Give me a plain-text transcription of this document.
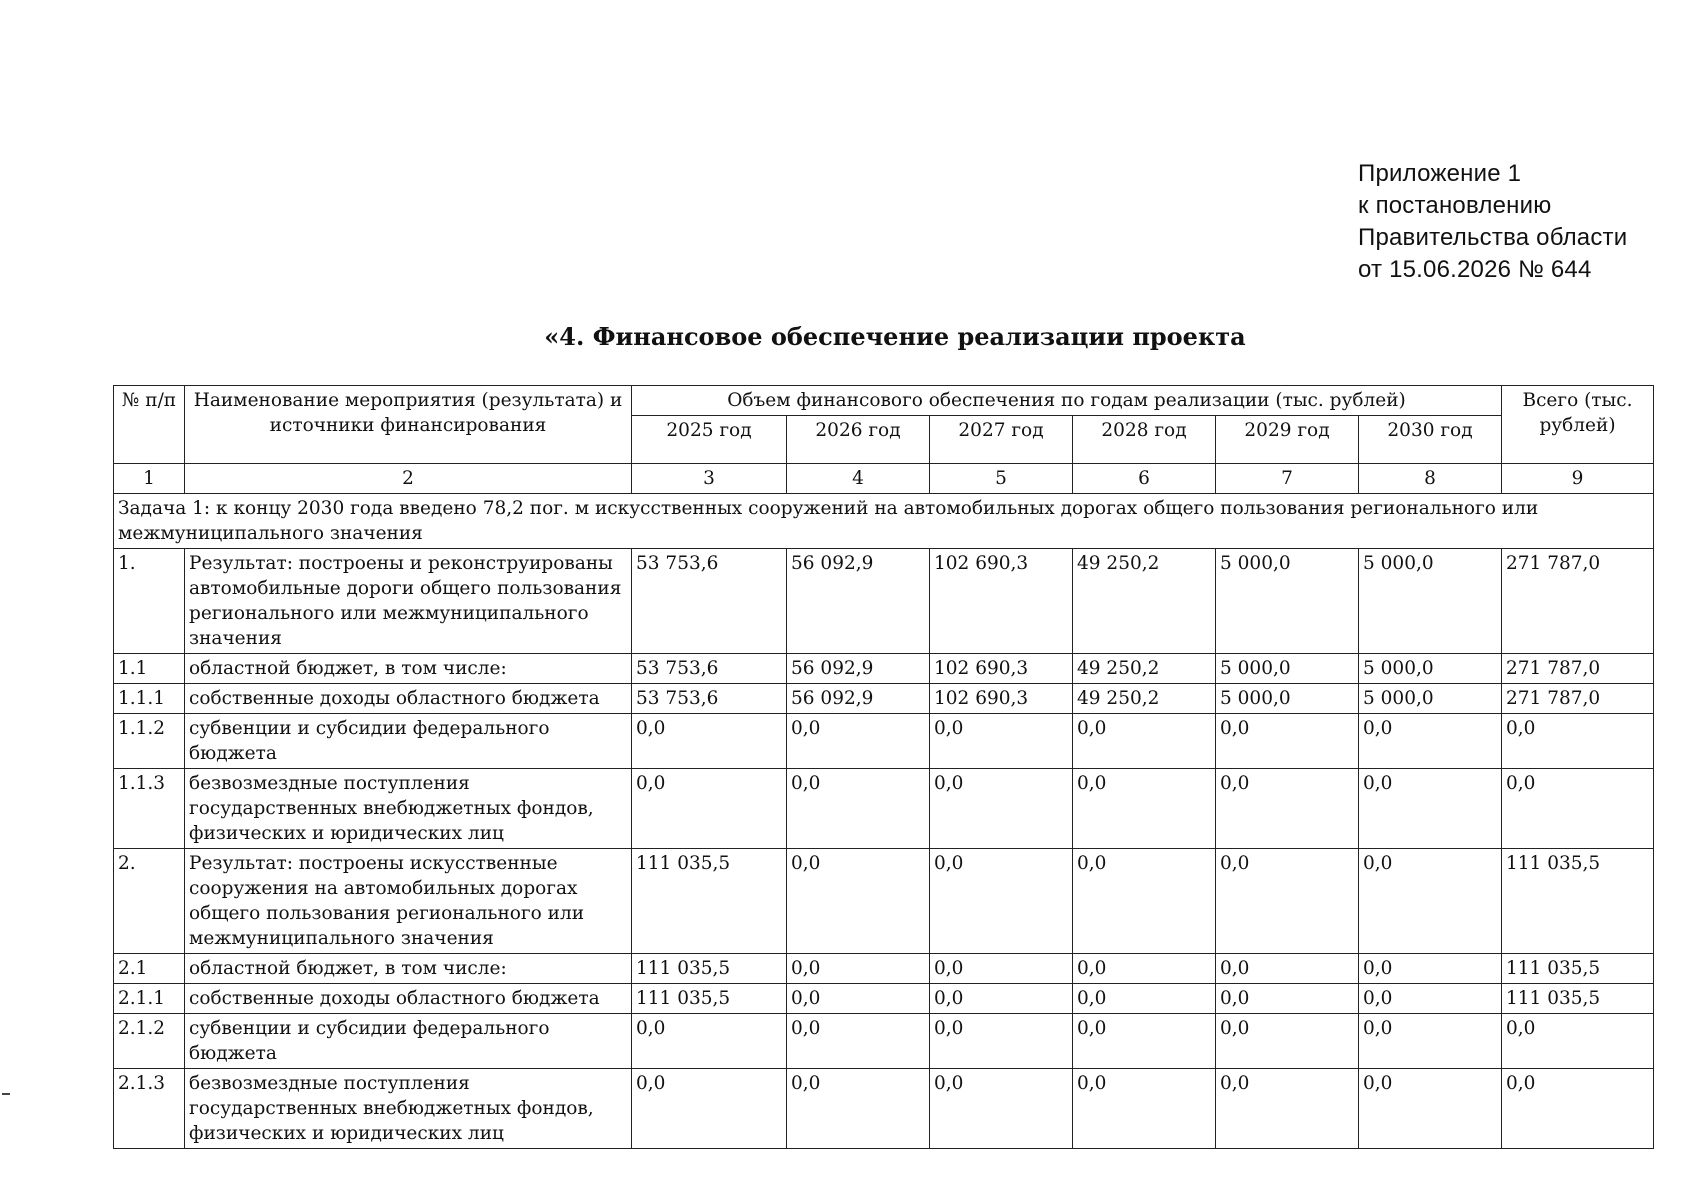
Приложение 1
к постановлению
Правительства области
от 15.06.2026 № 644
«4. Финансовое обеспечение реализации проекта
№ п/п	Наименование мероприятия (результата) и источники финансирования	Объем финансового обеспечения по годам реализации (тыс. рублей)						Всего (тыс. рублей)
		2025 год	2026 год	2027 год	2028 год	2029 год	2030 год	
1	2	3	4	5	6	7	8	9
Задача 1: к концу 2030 года введено 78,2 пог. м искусственных сооружений на автомобильных дорогах общего пользования регионального или межмуниципального значения								
1.	Результат: построены и реконструированы автомобильные дороги общего пользования регионального или межмуниципального значения	53 753,6	56 092,9	102 690,3	49 250,2	5 000,0	5 000,0	271 787,0
1.1	областной бюджет, в том числе:	53 753,6	56 092,9	102 690,3	49 250,2	5 000,0	5 000,0	271 787,0
1.1.1	собственные доходы областного бюджета	53 753,6	56 092,9	102 690,3	49 250,2	5 000,0	5 000,0	271 787,0
1.1.2	субвенции и субсидии федерального бюджета	0,0	0,0	0,0	0,0	0,0	0,0	0,0
1.1.3	безвозмездные поступления государственных внебюджетных фондов, физических и юридических лиц	0,0	0,0	0,0	0,0	0,0	0,0	0,0
2.	Результат: построены искусственные сооружения на автомобильных дорогах общего пользования регионального или межмуниципального значения	111 035,5	0,0	0,0	0,0	0,0	0,0	111 035,5
2.1	областной бюджет, в том числе:	111 035,5	0,0	0,0	0,0	0,0	0,0	111 035,5
2.1.1	собственные доходы областного бюджета	111 035,5	0,0	0,0	0,0	0,0	0,0	111 035,5
2.1.2	субвенции и субсидии федерального бюджета	0,0	0,0	0,0	0,0	0,0	0,0	0,0
2.1.3	безвозмездные поступления государственных внебюджетных фондов, физических и юридических лиц	0,0	0,0	0,0	0,0	0,0	0,0	0,0
